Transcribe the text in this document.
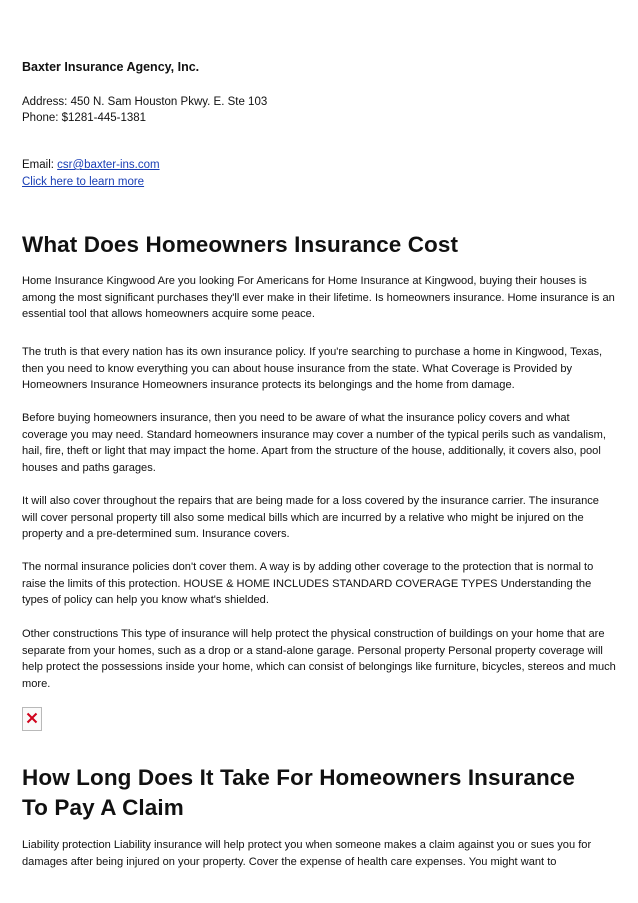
Baxter Insurance Agency, Inc.

Address: 450 N. Sam Houston Pkwy. E. Ste 103

Phone: $1281-445-1381

Email: csr@baxter-ins.com

Click here to learn more

What Does Homeowners Insurance Cost

Home Insurance Kingwood Are you looking For Americans for Home Insurance at Kingwood, buying their houses is among the most significant purchases they'll ever make in their lifetime. Is homeowners insurance. Home insurance is an essential tool that allows homeowners acquire some peace.

The truth is that every nation has its own insurance policy. If you're searching to purchase a home in Kingwood, Texas, then you need to know everything you can about house insurance from the state. What Coverage is Provided by Homeowners Insurance Homeowners insurance protects its belongings and the home from damage.

Before buying homeowners insurance, then you need to be aware of what the insurance policy covers and what coverage you may need. Standard homeowners insurance may cover a number of the typical perils such as vandalism, hail, fire, theft or light that may impact the home. Apart from the structure of the house, additionally, it covers also, pool houses and paths garages.

It will also cover throughout the repairs that are being made for a loss covered by the insurance carrier. The insurance will cover personal property till also some medical bills which are incurred by a relative who might be injured on the property and a pre-determined sum. Insurance covers.

The normal insurance policies don't cover them. A way is by adding other coverage to the protection that is normal to raise the limits of this protection. HOUSE & HOME INCLUDES STANDARD COVERAGE TYPES Understanding the types of policy can help you know what's shielded.

Other constructions This type of insurance will help protect the physical construction of buildings on your home that are separate from your homes, such as a drop or a stand-alone garage. Personal property Personal property coverage will help protect the possessions inside your home, which can consist of belongings like furniture, bicycles, stereos and much more.

How Long Does It Take For Homeowners Insurance
To Pay A Claim

Liability protection Liability insurance will help protect you when someone makes a claim against you or sues you for damages after being injured on your property. Cover the expense of health care expenses. You might want to
